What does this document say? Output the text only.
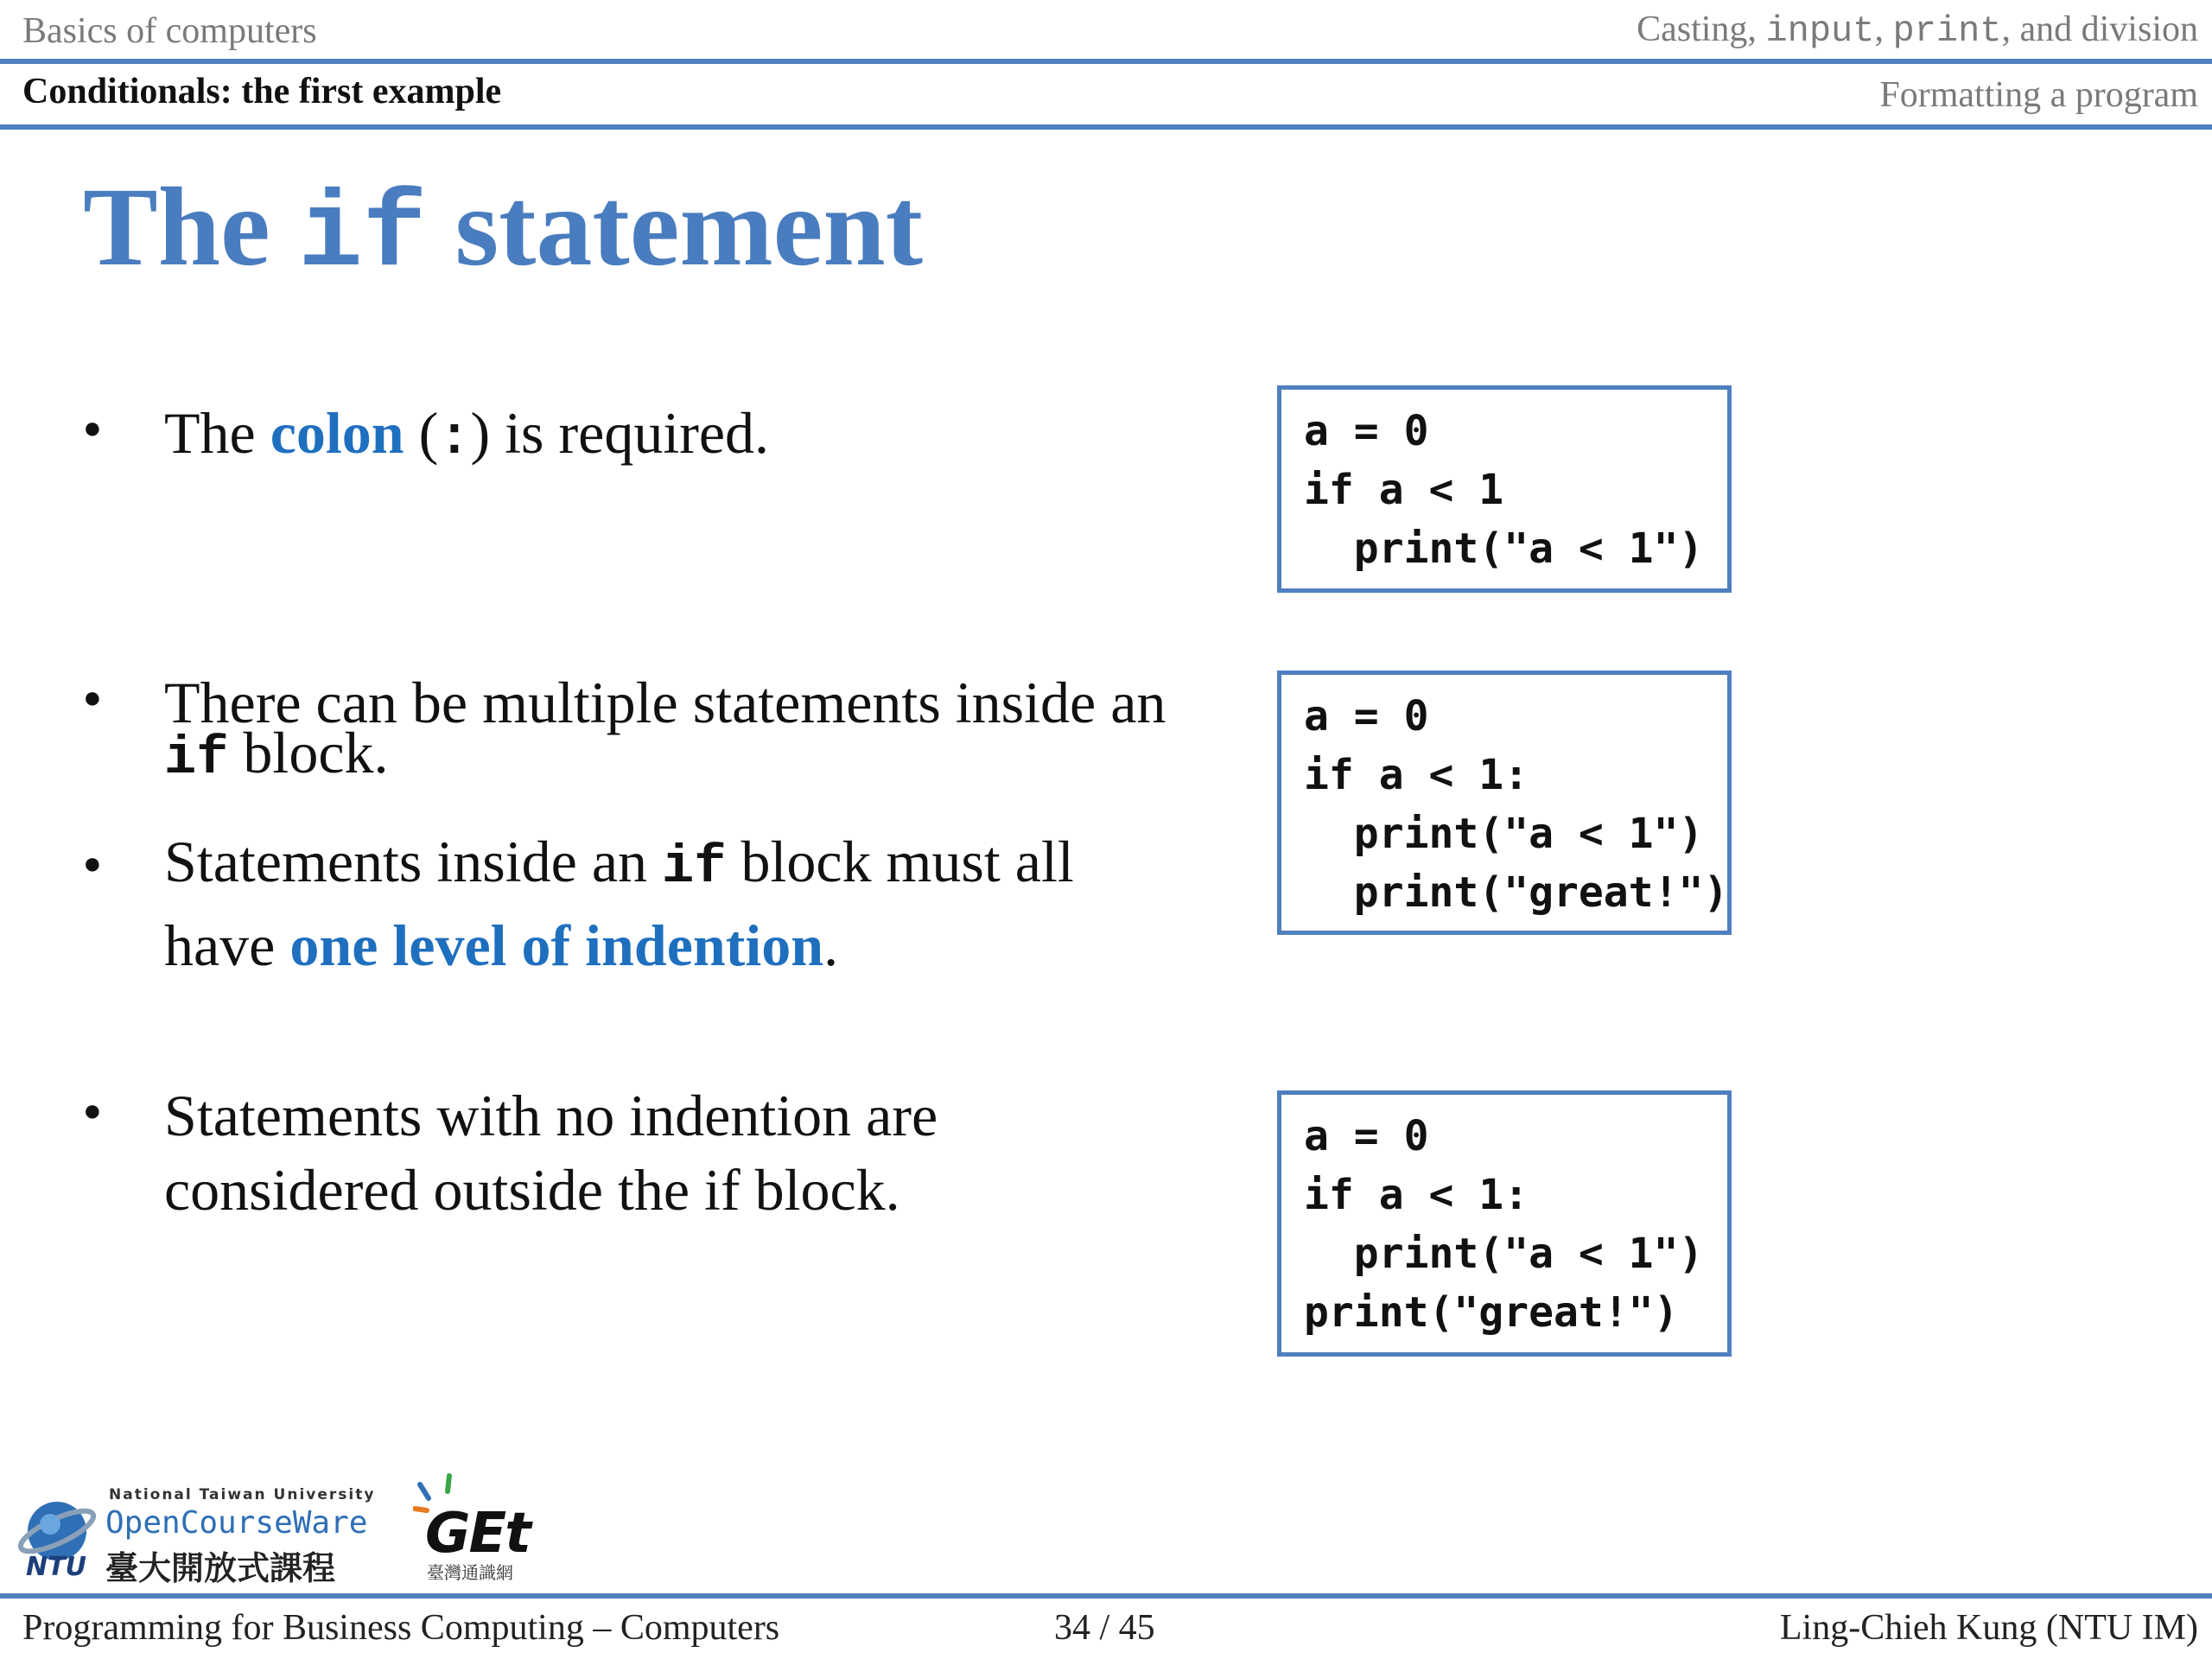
Basics of computers	Casting, input, print, and division
Conditionals: the first example	Formatting a program
The if statement
● The colon (:) is required.
● There can be multiple statements inside an
if block.
● Statements inside an if block must all
have one level of indention.
● Statements with no indention are
considered outside the if block.
a = 0
if a < 1
print("a < 1")
a = 0
if a < 1:
print("a < 1")
print("great!")
a = 0
if a < 1:
print("a < 1")
print("great!")
NTU
National Taiwan University
OpenCourseWare
臺大開放式課程
GEt
臺灣通識網
Programming for Business Computing – Computers	34 / 45	Ling-Chieh Kung (NTU IM)
